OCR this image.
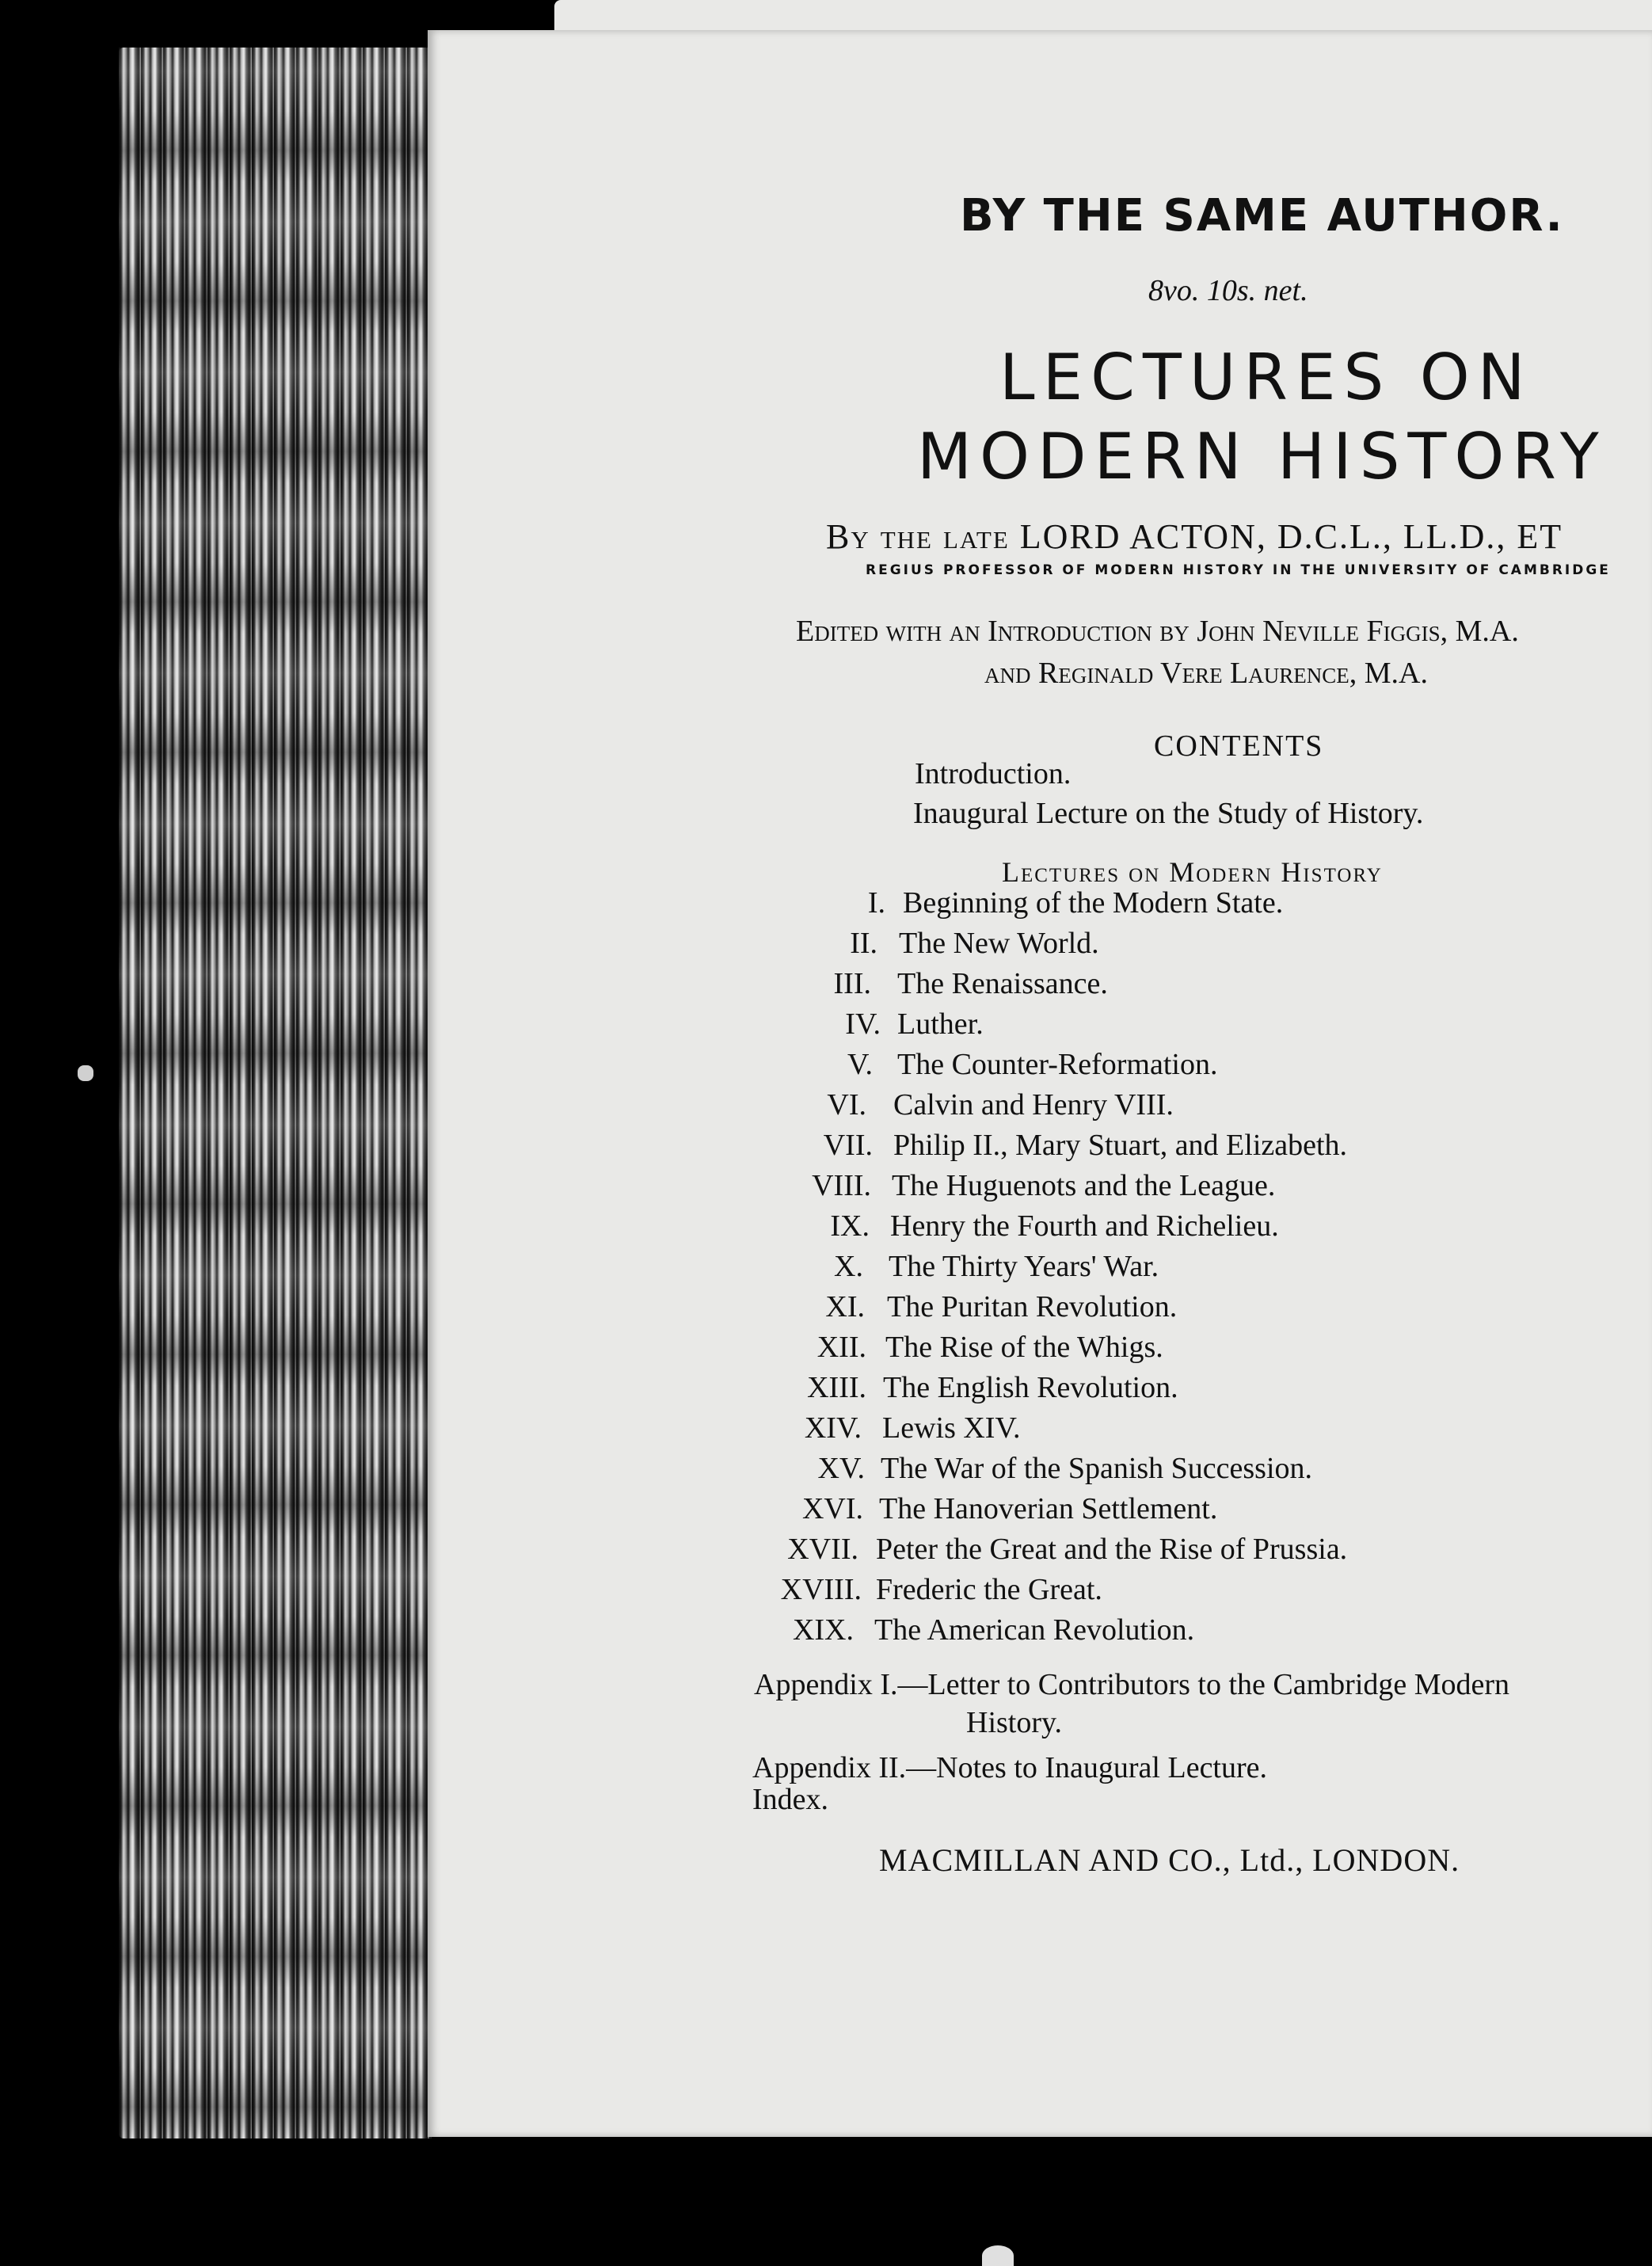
BY THE SAME AUTHOR.
8vo. 10s. net.
LECTURES ON
MODERN HISTORY
By the late LORD ACTON, D.C.L., LL.D., ET
REGIUS PROFESSOR OF MODERN HISTORY IN THE UNIVERSITY OF CAMBRIDGE
Edited with an Introduction by John Neville Figgis, M.A.
and Reginald Vere Laurence, M.A.
CONTENTS
Introduction.
Inaugural Lecture on the Study of History.
Lectures on Modern History
I. Beginning of the Modern State.
II. The New World.
III. The Renaissance.
IV. Luther.
V. The Counter-Reformation.
VI. Calvin and Henry VIII.
VII. Philip II., Mary Stuart, and Elizabeth.
VIII. The Huguenots and the League.
IX. Henry the Fourth and Richelieu.
X. The Thirty Years' War.
XI. The Puritan Revolution.
XII. The Rise of the Whigs.
XIII. The English Revolution.
XIV. Lewis XIV.
XV. The War of the Spanish Succession.
XVI. The Hanoverian Settlement.
XVII. Peter the Great and the Rise of Prussia.
XVIII. Frederic the Great.
XIX. The American Revolution.
Appendix I.—Letter to Contributors to the Cambridge Modern
History.
Appendix II.—Notes to Inaugural Lecture.
Index.
MACMILLAN AND CO., Ltd., LONDON.
